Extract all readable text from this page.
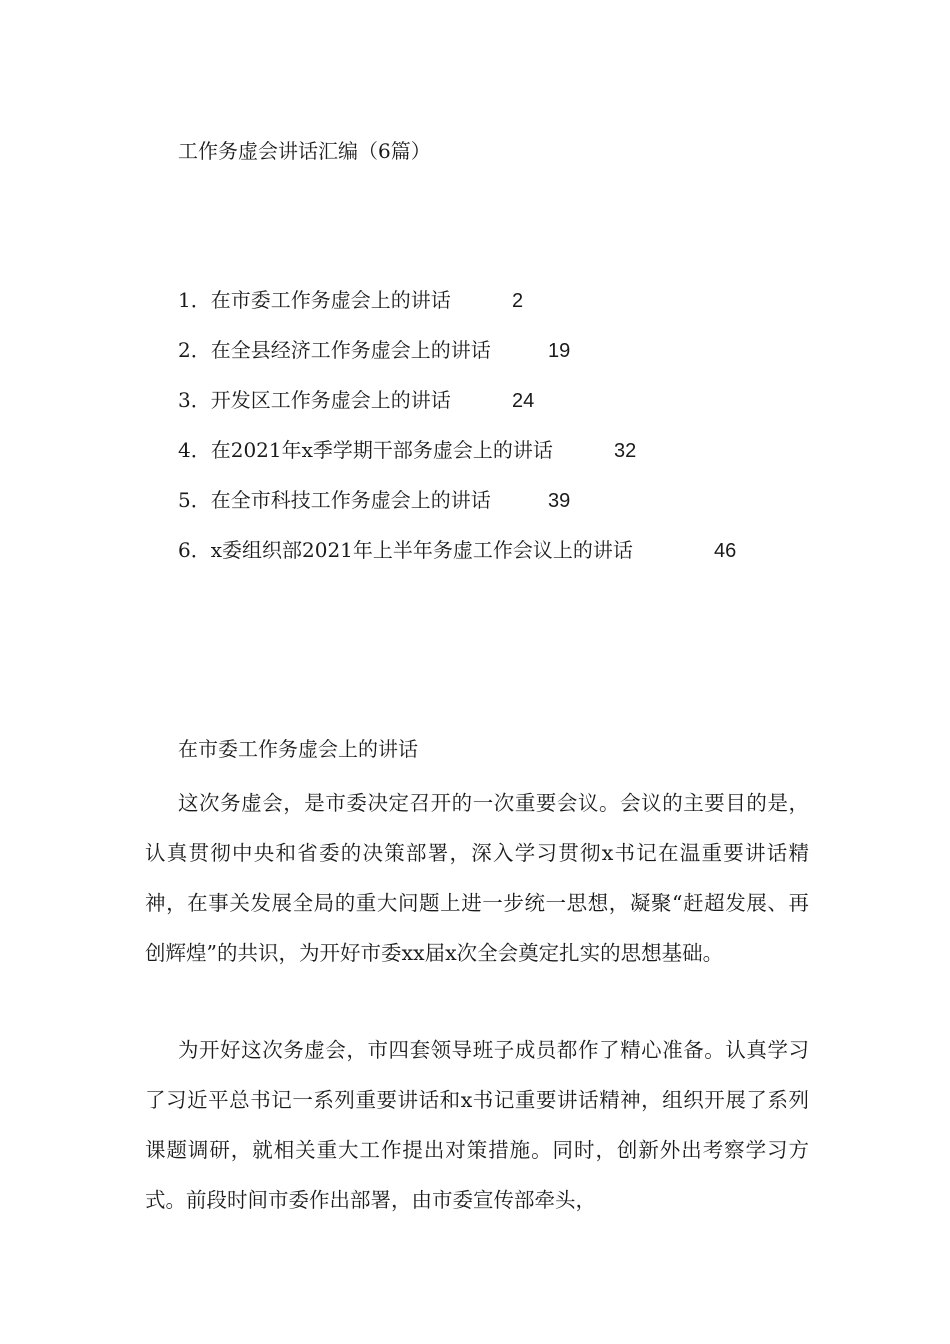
工作务虚会讲话汇编（6篇）
1．在市委工作务虚会上的讲话	2
2．在全县经济工作务虚会上的讲话	19
3．开发区工作务虚会上的讲话	24
4．在2021年x季学期干部务虚会上的讲话	32
5．在全市科技工作务虚会上的讲话	39
6．x委组织部2021年上半年务虚工作会议上的讲话	46
在市委工作务虚会上的讲话

这次务虚会，是市委决定召开的一次重要会议。会议的主要目的是，认真贯彻中央和省委的决策部署，深入学习贯彻x书记在温重要讲话精神，在事关发展全局的重大问题上进一步统一思想，凝聚“赶超发展、再创辉煌”的共识，为开好市委xx届x次全会奠定扎实的思想基础。

为开好这次务虚会，市四套领导班子成员都作了精心准备。认真学习了习近平总书记一系列重要讲话和x书记重要讲话精神，组织开展了系列课题调研，就相关重大工作提出对策措施。同时，创新外出考察学习方式。前段时间市委作出部署，由市委宣传部牵头，
